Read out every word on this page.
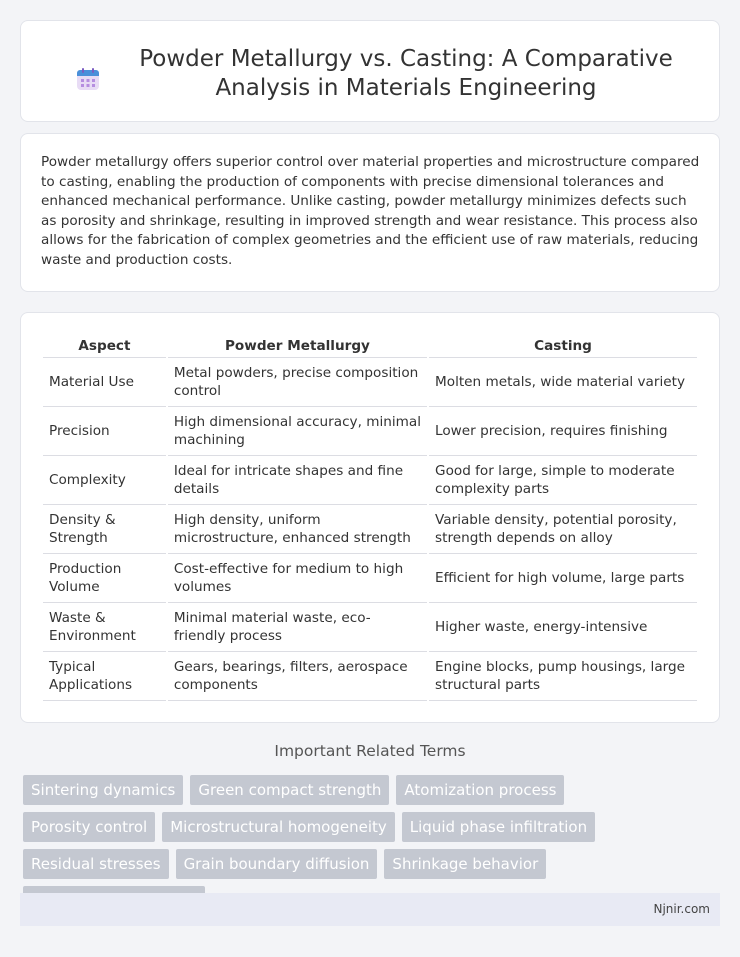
Powder Metallurgy vs. Casting: A Comparative Analysis in Materials Engineering

Powder metallurgy offers superior control over material properties and microstructure compared to casting, enabling the production of components with precise dimensional tolerances and enhanced mechanical performance. Unlike casting, powder metallurgy minimizes defects such as porosity and shrinkage, resulting in improved strength and wear resistance. This process also allows for the fabrication of complex geometries and the efficient use of raw materials, reducing waste and production costs.

Aspect	Powder Metallurgy	Casting
Material Use	Metal powders, precise composition control	Molten metals, wide material variety
Precision	High dimensional accuracy, minimal machining	Lower precision, requires finishing
Complexity	Ideal for intricate shapes and fine details	Good for large, simple to moderate complexity parts
Density & Strength	High density, uniform microstructure, enhanced strength	Variable density, potential porosity, strength depends on alloy
Production Volume	Cost-effective for medium to high volumes	Efficient for high volume, large parts
Waste & Environment	Minimal material waste, eco-friendly process	Higher waste, energy-intensive
Typical Applications	Gears, bearings, filters, aerospace components	Engine blocks, pump housings, large structural parts
Important Related Terms
Sintering dynamics	Green compact strength	Atomization process
Porosity control	Microstructural homogeneity	Liquid phase infiltration
Residual stresses	Grain boundary diffusion	Shrinkage behavior
Njnir.com
